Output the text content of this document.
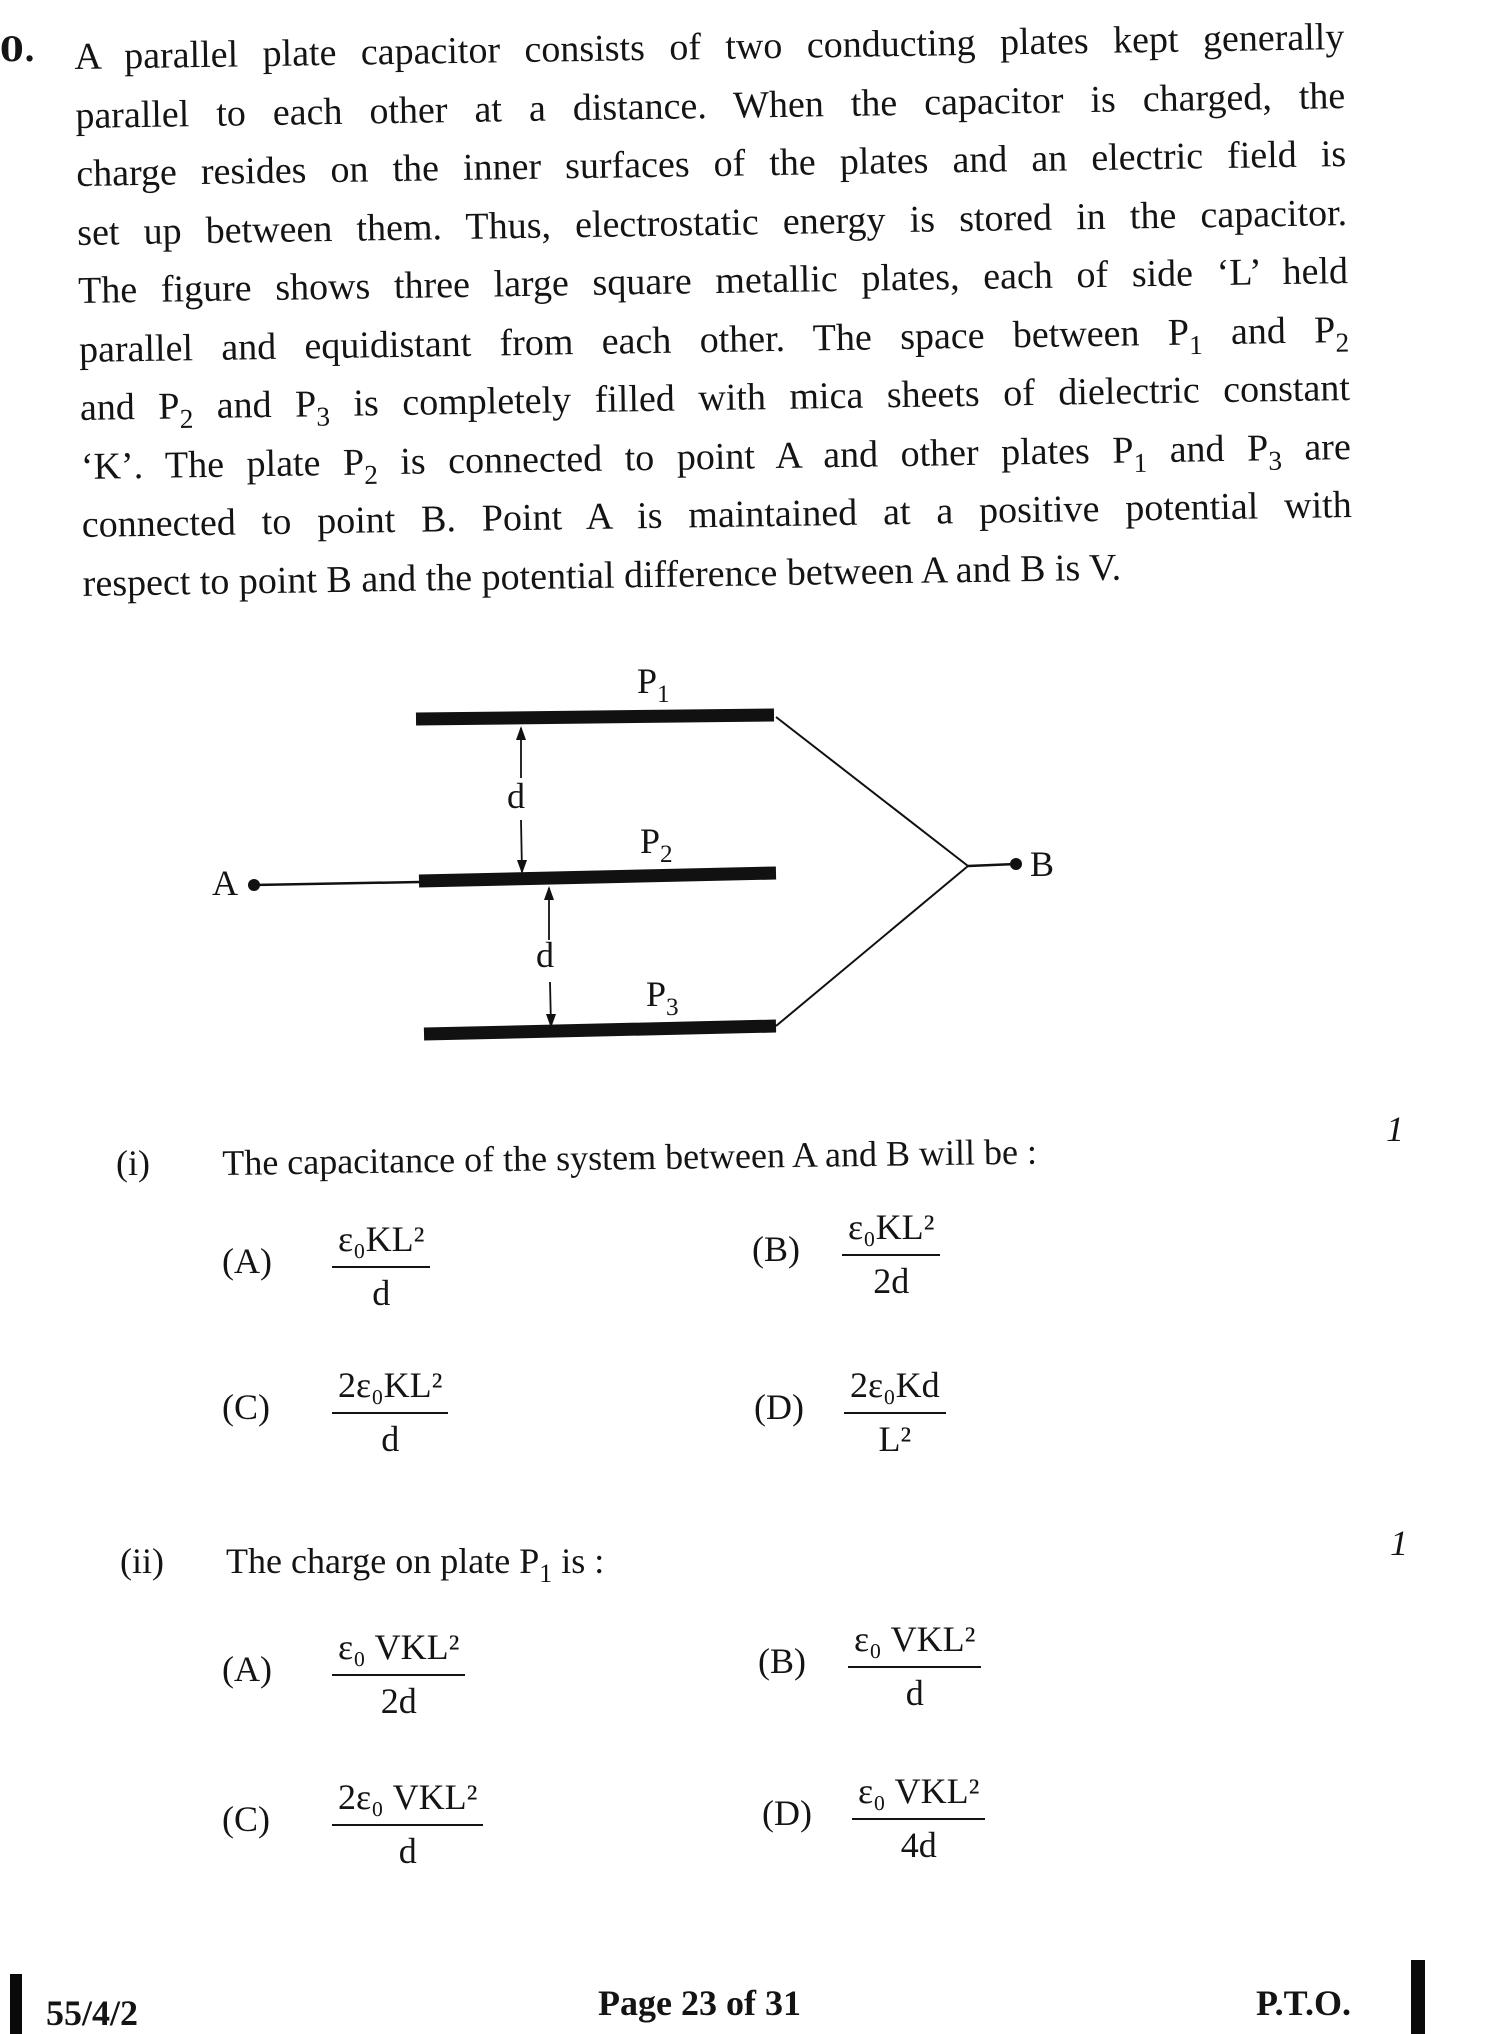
0. A parallel plate capacitor consists of two conducting plates kept generally
parallel to each other at a distance. When the capacitor is charged, the
charge resides on the inner surfaces of the plates and an electric field is
set up between them. Thus, electrostatic energy is stored in the capacitor.
The figure shows three large square metallic plates, each of side ‘L’ held
parallel and equidistant from each other. The space between $P_1$ and $P_2$
and $P_2$ and $P_3$ is completely filled with mica sheets of dielectric constant
‘K’. The plate $P_2$ is connected to point A and other plates $P_1$ and $P_3$ are
connected to point B. Point A is maintained at a positive potential with
respect to point B and the potential difference between A and B is V.
$P_1$
$P_2$
$P_3$
d
d
A	B
(i) The capacitance of the system between A and B will be :
1
(A)
ε₀KL²
d
(B)
ε₀KL²
2d
(C)
2ε₀KL²
d
(D)
2ε₀Kd
L²
(ii) The charge on plate $P_1$ is :	1
(A)
ε₀ VKL²
2d
(B)
ε₀ VKL²
d
(C)
2ε₀ VKL²
d
(D)
ε₀ VKL²
4d
55/4/2	Page 23 of 31	P.T.O.
